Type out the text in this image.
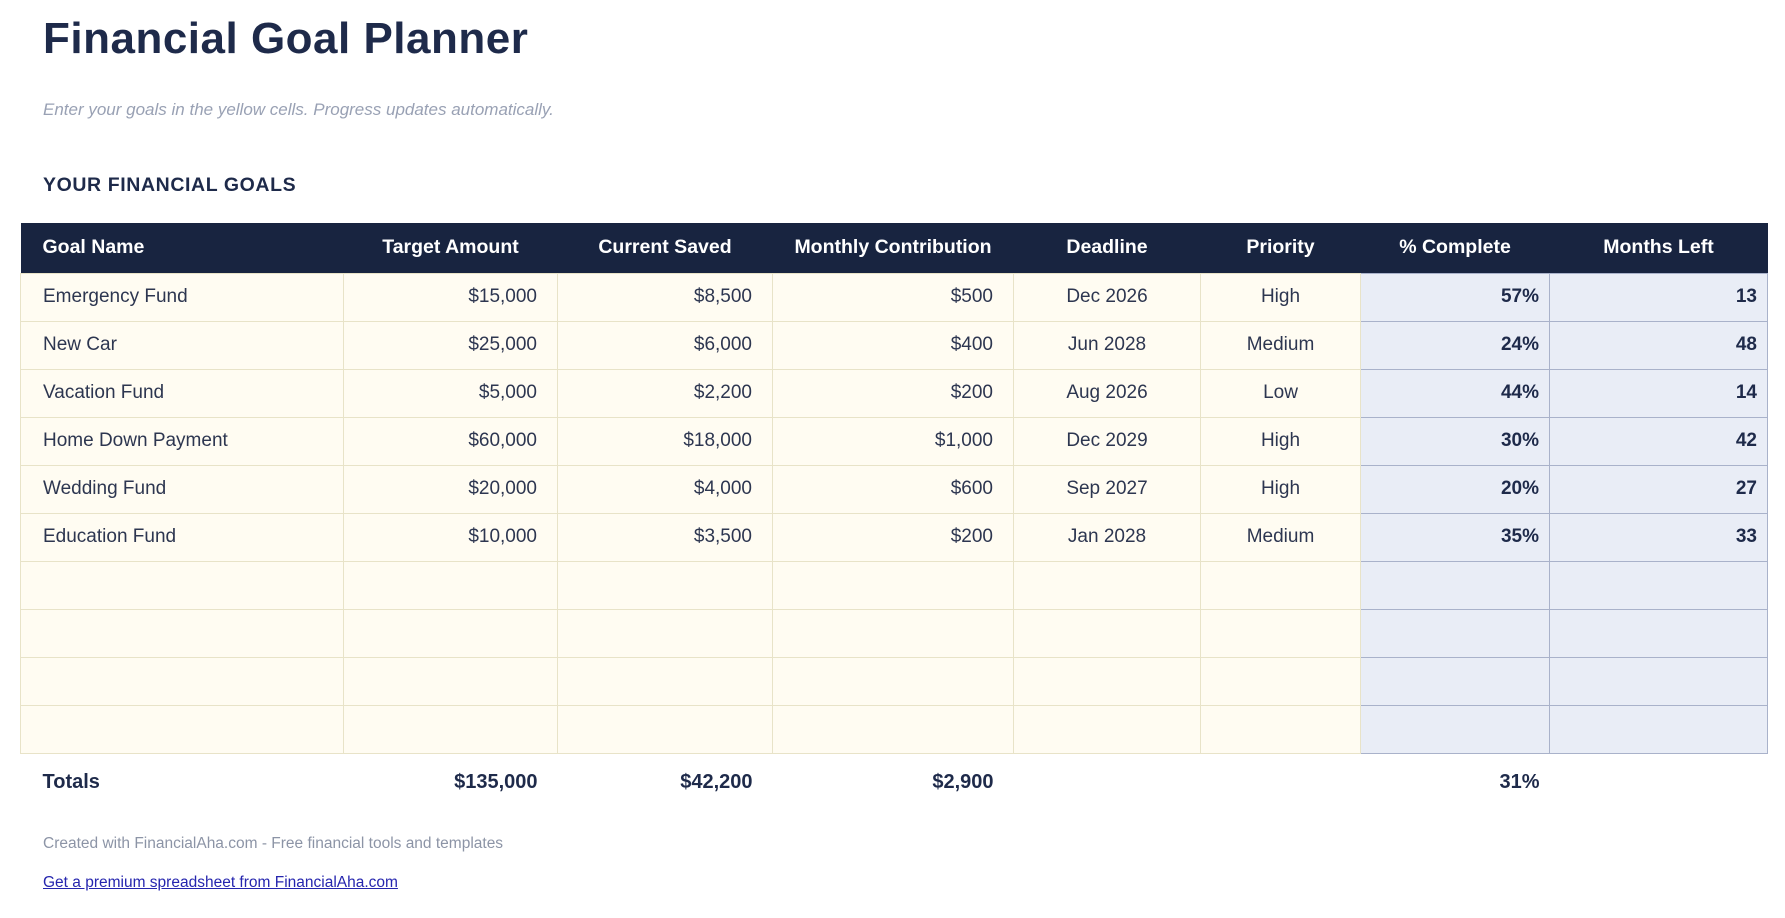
Financial Goal Planner

Enter your goals in the yellow cells. Progress updates automatically.

YOUR FINANCIAL GOALS
Goal Name	Target Amount	Current Saved	Monthly Contribution	Deadline	Priority	% Complete	Months Left
Emergency Fund	$15,000	$8,500	$500	Dec 2026	High	57%	13
New Car	$25,000	$6,000	$400	Jun 2028	Medium	24%	48
Vacation Fund	$5,000	$2,200	$200	Aug 2026	Low	44%	14
Home Down Payment	$60,000	$18,000	$1,000	Dec 2029	High	30%	42
Wedding Fund	$20,000	$4,000	$600	Sep 2027	High	20%	27
Education Fund	$10,000	$3,500	$200	Jan 2028	Medium	35%	33

Totals	$135,000	$42,200	$2,900			31%	

Created with FinancialAha.com - Free financial tools and templates

Get a premium spreadsheet from FinancialAha.com
